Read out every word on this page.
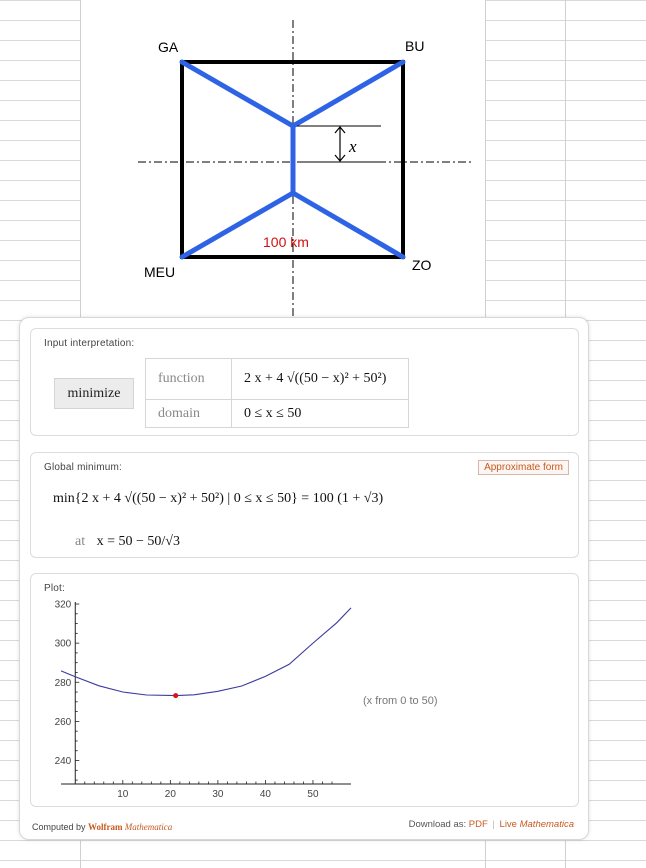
x
GA	BU
MEU	ZO
100 km
Input interpretation:
minimize
function	2 x + 4 √((50 − x)² + 50²)
domain	0 ≤ x ≤ 50
Global minimum:	Approximate form
min{2 x + 4 √((50 − x)² + 50²) | 0 ≤ x ≤ 50} = 100 (1 + √3)
at x = 50 − 50/√3
Plot:
240
260
280
300
320
10	20	30	40	50
(x from 0 to 50)
Computed by Wolfram Mathematica	Download as: PDF | Live Mathematica
